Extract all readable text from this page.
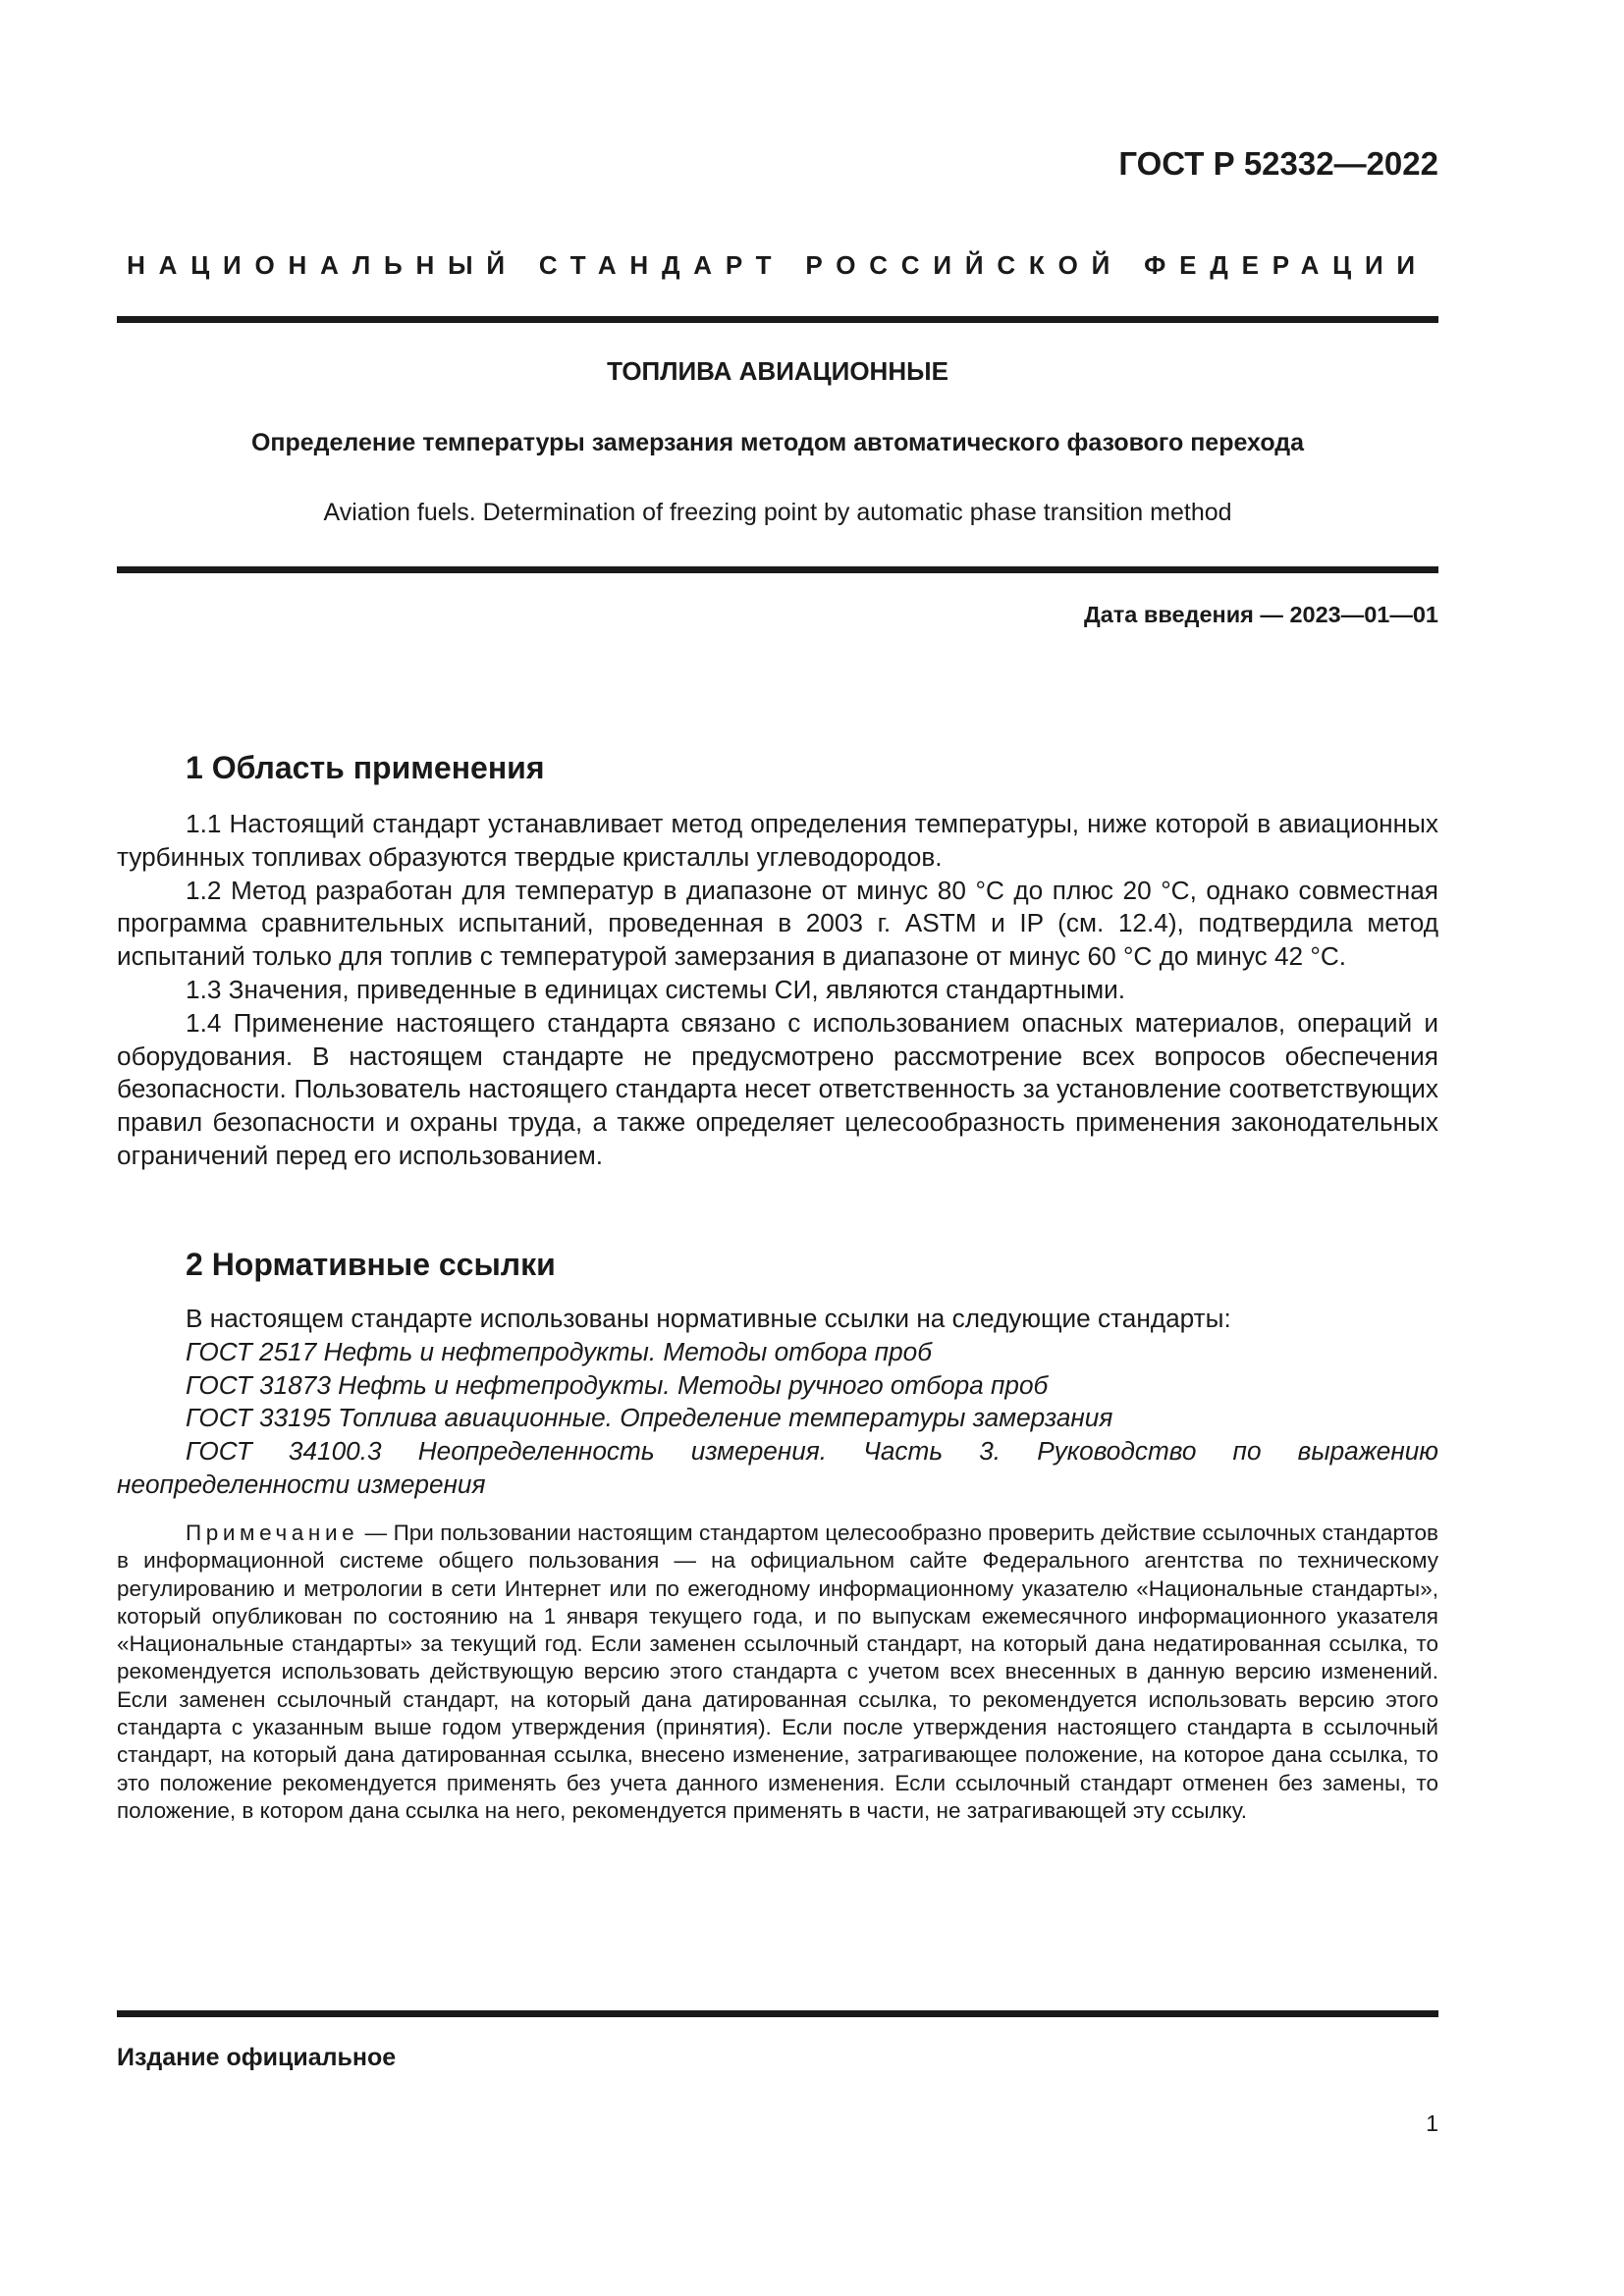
ГОСТ Р 52332—2022
НАЦИОНАЛЬНЫЙ СТАНДАРТ РОССИЙСКОЙ ФЕДЕРАЦИИ
ТОПЛИВА АВИАЦИОННЫЕ
Определение температуры замерзания методом автоматического фазового перехода
Aviation fuels. Determination of freezing point by automatic phase transition method
Дата введения — 2023—01—01
1 Область применения

1.1 Настоящий стандарт устанавливает метод определения температуры, ниже которой в авиационных турбинных топливах образуются твердые кристаллы углеводородов.

1.2 Метод разработан для температур в диапазоне от минус 80 °С до плюс 20 °С, однако совместная программа сравнительных испытаний, проведенная в 2003 г. ASTM и IP (см. 12.4), подтвердила метод испытаний только для топлив с температурой замерзания в диапазоне от минус 60 °С до минус 42 °С.

1.3 Значения, приведенные в единицах системы СИ, являются стандартными.

1.4 Применение настоящего стандарта связано с использованием опасных материалов, операций и оборудования. В настоящем стандарте не предусмотрено рассмотрение всех вопросов обеспечения безопасности. Пользователь настоящего стандарта несет ответственность за установление соответствующих правил безопасности и охраны труда, а также определяет целесообразность применения законодательных ограничений перед его использованием.

2 Нормативные ссылки

В настоящем стандарте использованы нормативные ссылки на следующие стандарты:

ГОСТ 2517 Нефть и нефтепродукты. Методы отбора проб

ГОСТ 31873 Нефть и нефтепродукты. Методы ручного отбора проб

ГОСТ 33195 Топлива авиационные. Определение температуры замерзания

ГОСТ 34100.3 Неопределенность измерения. Часть 3. Руководство по выражению неопределенности измерения

Примечание — При пользовании настоящим стандартом целесообразно проверить действие ссылочных стандартов в информационной системе общего пользования — на официальном сайте Федерального агентства по техническому регулированию и метрологии в сети Интернет или по ежегодному информационному указателю «Национальные стандарты», который опубликован по состоянию на 1 января текущего года, и по выпускам ежемесячного информационного указателя «Национальные стандарты» за текущий год. Если заменен ссылочный стандарт, на который дана недатированная ссылка, то рекомендуется использовать действующую версию этого стандарта с учетом всех внесенных в данную версию изменений. Если заменен ссылочный стандарт, на который дана датированная ссылка, то рекомендуется использовать версию этого стандарта с указанным выше годом утверждения (принятия). Если после утверждения настоящего стандарта в ссылочный стандарт, на который дана датированная ссылка, внесено изменение, затрагивающее положение, на которое дана ссылка, то это положение рекомендуется применять без учета данного изменения. Если ссылочный стандарт отменен без замены, то положение, в котором дана ссылка на него, рекомендуется применять в части, не затрагивающей эту ссылку.

Издание официальное
1
